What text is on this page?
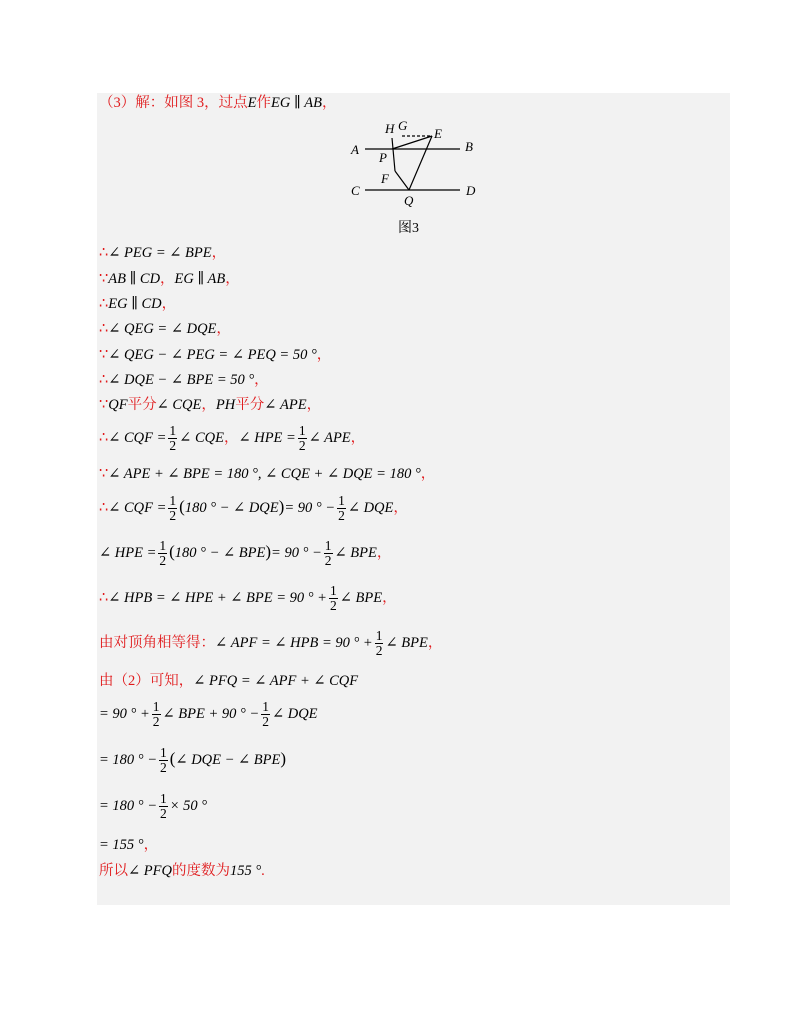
（3）解：如图 3，过点E作EG ∥ AB，
H G
E
A	B
P
F
C	D
Q
图3
∴∠ PEG = ∠ BPE，
∵AB ∥ CD，EG ∥ AB，
∴EG ∥ CD，
∴∠ QEG = ∠ DQE，
∵∠ QEG − ∠ PEG = ∠ PEQ = 50 °，
∴∠ DQE − ∠ BPE = 50 °，
∵QF平分∠ CQE，PH平分∠ APE，
∴∠ CQF = $\frac{1}{2}$ ∠ CQE，∠ HPE = $\frac{1}{2}$ ∠ APE，
∵∠ APE + ∠ BPE = 180 °, ∠ CQE + ∠ DQE = 180 °，
∴∠ CQF = $\frac{1}{2} (180$ ° − ∠ DQE)= 90 ° − $\frac{1}{2}$ ∠ DQE，
∠ HPE = $\frac{1}{2} (180$ ° − ∠ BPE)= 90 ° − $\frac{1}{2}$ ∠ BPE，
∴∠ HPB = ∠ HPE + ∠ BPE = 90 ° + $\frac{1}{2}$ ∠ BPE，
由对顶角相等得：∠ APF = ∠ HPB = 90 ° + $\frac{1}{2}$ ∠ BPE，
由（2）可知，∠ PFQ = ∠ APF + ∠ CQF
= 90 ° + $\frac{1}{2}$ ∠ BPE + 90 ° − $\frac{1}{2}$ ∠ DQE
= 180 ° − $\frac{1}{2}$ (∠ DQE − ∠ BPE)
= 180 ° − $\frac{1}{2} \times 50$ °
= 155 °，
所以∠ PFQ的度数为155 °.
